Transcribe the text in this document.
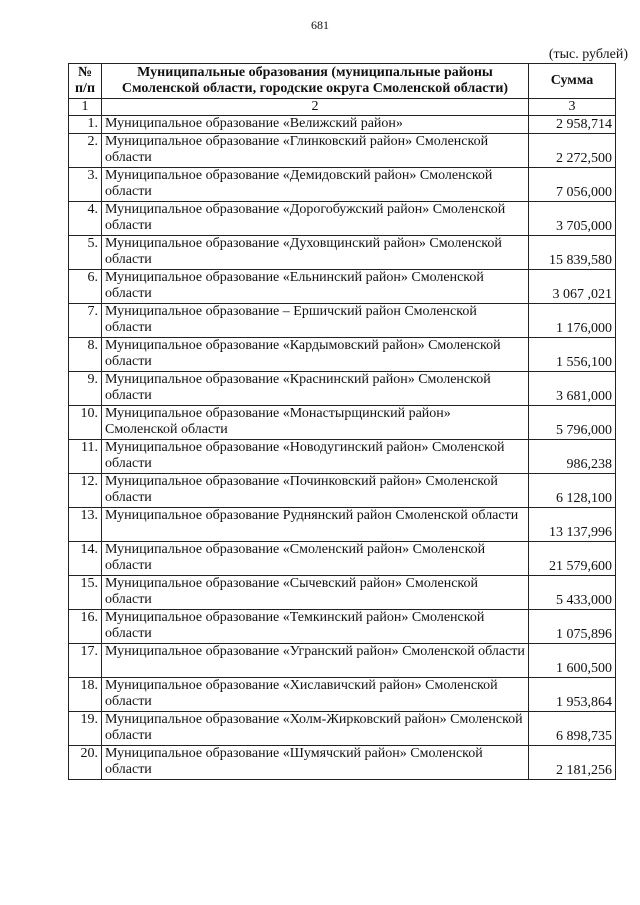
681
(тыс. рублей)
№ п/п	Муниципальные образования (муниципальные районы Смоленской области, городские округа Смоленской области)	Сумма
1	2	3
1.	Муниципальное образование «Велижский район»	2 958,714
2.	Муниципальное образование «Глинковский район» Смоленской области	2 272,500
3.	Муниципальное образование «Демидовский район» Смоленской области	7 056,000
4.	Муниципальное образование «Дорогобужский район» Смоленской области	3 705,000
5.	Муниципальное образование «Духовщинский район» Смоленской области	15 839,580
6.	Муниципальное образование «Ельнинский район» Смоленской области	3 067 ,021
7.	Муниципальное образование – Ершичский район Смоленской области	1 176,000
8.	Муниципальное образование «Кардымовский район» Смоленской области	1 556,100
9.	Муниципальное образование «Краснинский район» Смоленской области	3 681,000
10.	Муниципальное образование «Монастырщинский район» Смоленской области	5 796,000
11.	Муниципальное образование «Новодугинский район» Смоленской области	986,238
12.	Муниципальное образование «Починковский район» Смоленской области	6 128,100
13.	Муниципальное образование Руднянский район Смоленской области	13 137,996
14.	Муниципальное образование «Смоленский район» Смоленской области	21 579,600
15.	Муниципальное образование «Сычевский район» Смоленской области	5 433,000
16.	Муниципальное образование «Темкинский район» Смоленской области	1 075,896
17.	Муниципальное образование «Угранский район» Смоленской области	1 600,500
18.	Муниципальное образование «Хиславичский район» Смоленской области	1 953,864
19.	Муниципальное образование «Холм-Жирковский район» Смоленской области	6 898,735
20.	Муниципальное образование «Шумячский район» Смоленской области	2 181,256
